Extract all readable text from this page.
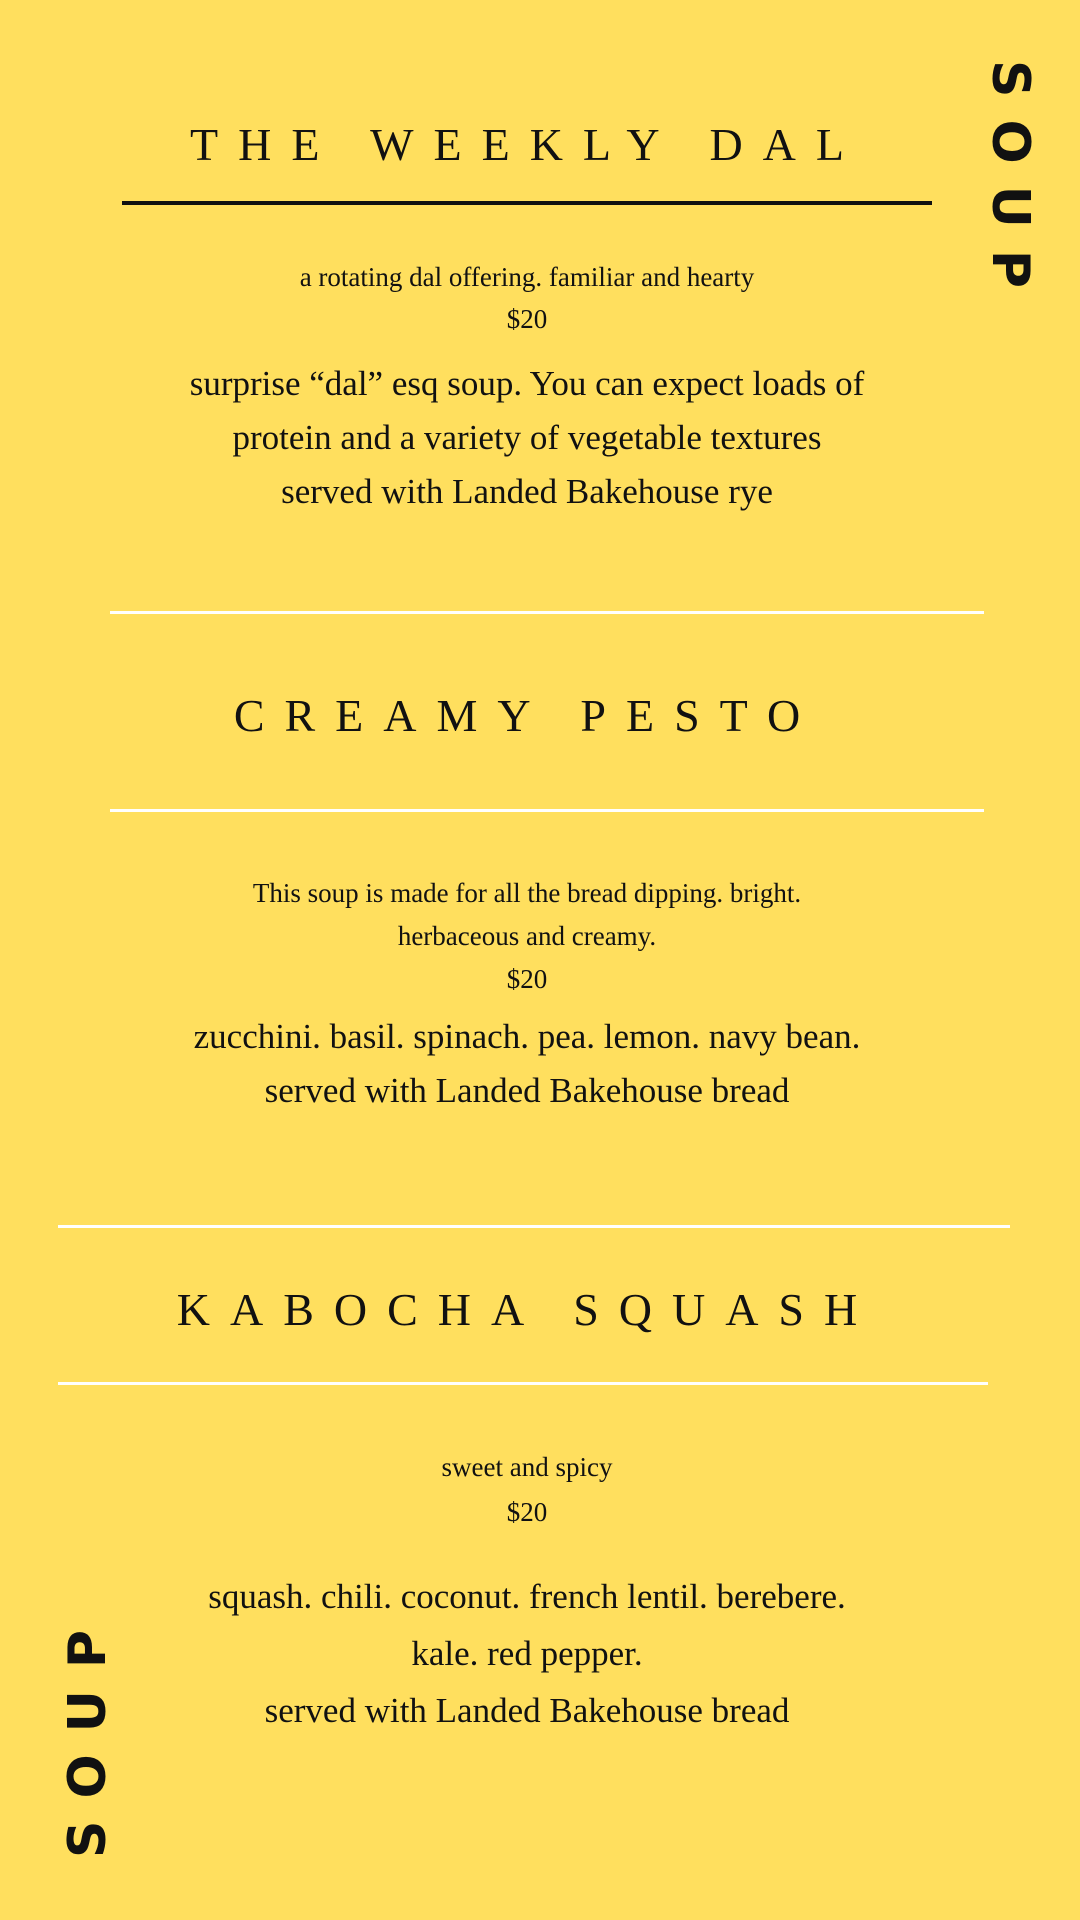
SOUP
SOUP
THE WEEKLY DAL
a rotating dal offering. familiar and hearty
$20
surprise “dal” esq soup. You can expect loads of
protein and a variety of vegetable textures
served with Landed Bakehouse rye
CREAMY PESTO
This soup is made for all the bread dipping. bright.
herbaceous and creamy.
$20
zucchini. basil. spinach. pea. lemon. navy bean.
served with Landed Bakehouse bread
KABOCHA SQUASH
sweet and spicy
$20
squash. chili. coconut. french lentil. berebere.
kale. red pepper.
served with Landed Bakehouse bread
